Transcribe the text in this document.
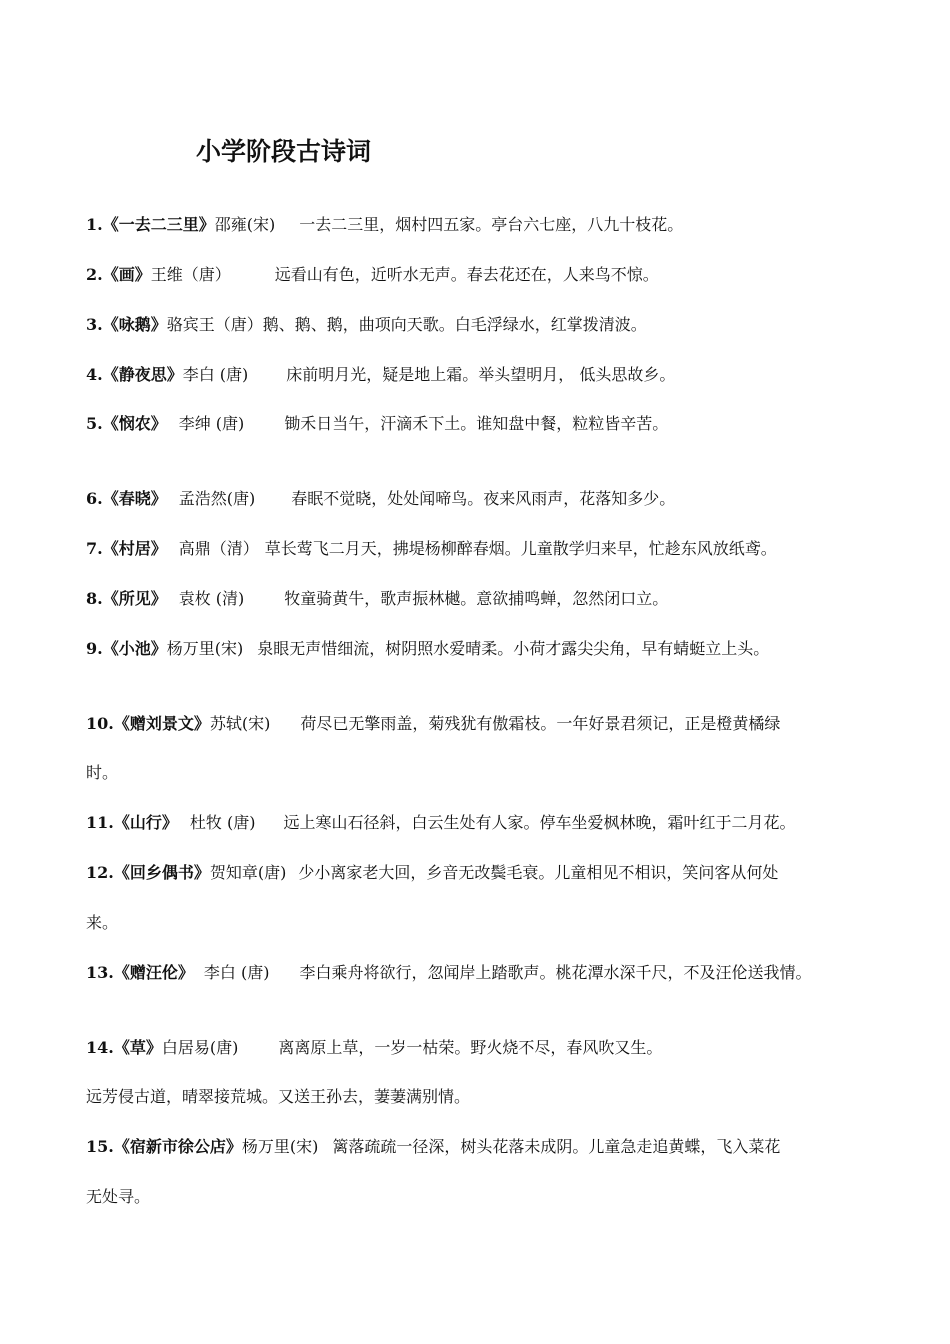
小学阶段古诗词
1.《一去二三里》邵雍(宋) 一去二三里，烟村四五家。亭台六七座，八九十枝花。
2.《画》王维（唐）	远看山有色，近听水无声。春去花还在，人来鸟不惊。
3.《咏鹅》骆宾王（唐）鹅、鹅、鹅，曲项向天歌。白毛浮绿水，红掌拨清波。
4.《静夜思》李白 (唐) 床前明月光，疑是地上霜。举头望明月， 低头思故乡。
5.《悯农》 李绅 (唐)	锄禾日当午，汗滴禾下土。谁知盘中餐，粒粒皆辛苦。
6.《春晓》 孟浩然(唐) 春眠不觉晓，处处闻啼鸟。夜来风雨声，花落知多少。
7.《村居》 高鼎（清） 草长莺飞二月天，拂堤杨柳醉春烟。儿童散学归来早，忙趁东风放纸鸢。
8.《所见》 袁枚 (清)	牧童骑黄牛，歌声振林樾。意欲捕鸣蝉，忽然闭口立。
9.《小池》杨万里(宋) 泉眼无声惜细流，树阴照水爱晴柔。小荷才露尖尖角，早有蜻蜓立上头。
10.《赠刘景文》苏轼(宋) 荷尽已无擎雨盖，菊残犹有傲霜枝。一年好景君须记，正是橙黄橘绿
时。
11.《山行》 杜牧 (唐) 远上寒山石径斜，白云生处有人家。停车坐爱枫林晚，霜叶红于二月花。
12.《回乡偶书》贺知章(唐) 少小离家老大回，乡音无改鬓毛衰。儿童相见不相识，笑问客从何处
来。
13.《赠汪伦》 李白 (唐) 李白乘舟将欲行，忽闻岸上踏歌声。桃花潭水深千尺，不及汪伦送我情。
14.《草》白居易(唐)	离离原上草，一岁一枯荣。野火烧不尽，春风吹又生。
远芳侵古道，晴翠接荒城。又送王孙去，萋萋满别情。
15.《宿新市徐公店》杨万里(宋) 篱落疏疏一径深，树头花落未成阴。儿童急走追黄蝶，飞入菜花
无处寻。
